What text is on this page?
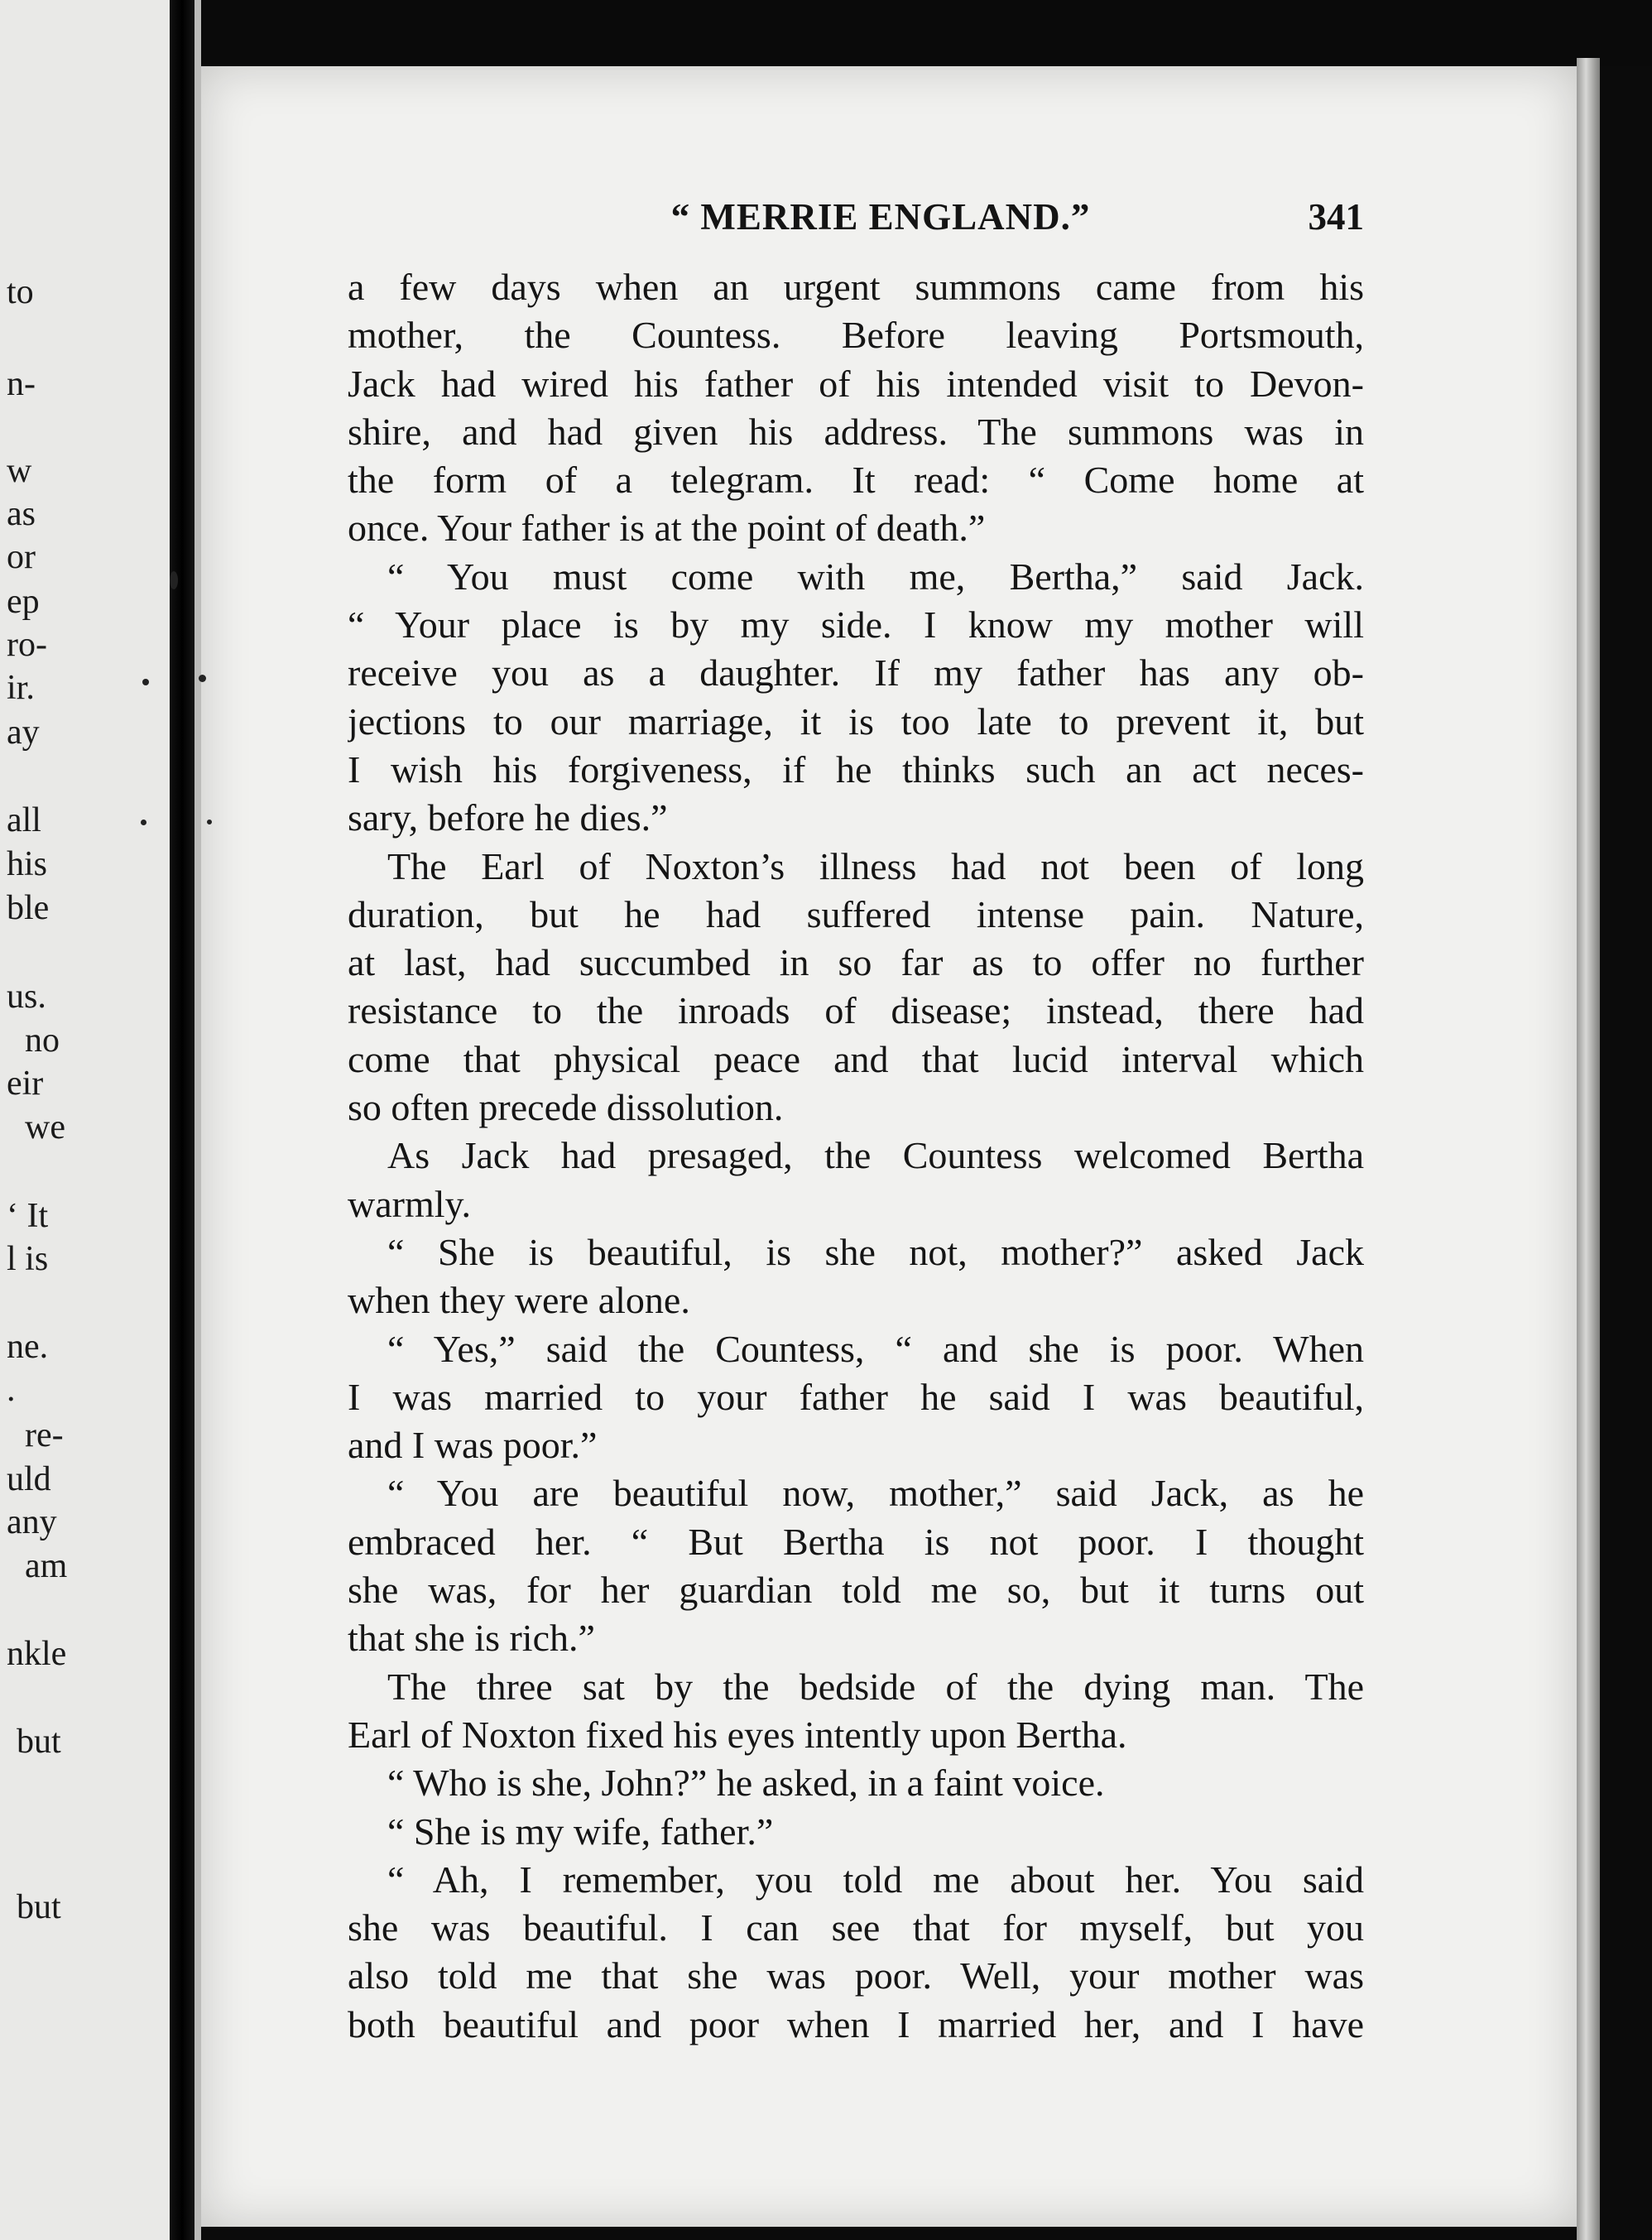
to
n-
w
as
or
ep
ro-
ir.
ay
all
his
ble
us.
no
eir
we
‘ It
l is
ne.
.
re-
uld
any
am
nkle
but
but
“ MERRIE ENGLAND.”	341
a few days when an urgent summons came from his
mother, the Countess. Before leaving Portsmouth,
Jack had wired his father of his intended visit to Devon-
shire, and had given his address. The summons was in
the form of a telegram. It read: “ Come home at
once. Your father is at the point of death.”
“ You must come with me, Bertha,” said Jack.
“ Your place is by my side. I know my mother will
receive you as a daughter. If my father has any ob-
jections to our marriage, it is too late to prevent it, but
I wish his forgiveness, if he thinks such an act neces-
sary, before he dies.”
The Earl of Noxton’s illness had not been of long
duration, but he had suffered intense pain. Nature,
at last, had succumbed in so far as to offer no further
resistance to the inroads of disease; instead, there had
come that physical peace and that lucid interval which
so often precede dissolution.
As Jack had presaged, the Countess welcomed Bertha
warmly.
“ She is beautiful, is she not, mother?” asked Jack
when they were alone.
“ Yes,” said the Countess, “ and she is poor. When
I was married to your father he said I was beautiful,
and I was poor.”
“ You are beautiful now, mother,” said Jack, as he
embraced her. “ But Bertha is not poor. I thought
she was, for her guardian told me so, but it turns out
that she is rich.”
The three sat by the bedside of the dying man. The
Earl of Noxton fixed his eyes intently upon Bertha.
“ Who is she, John?” he asked, in a faint voice.
“ She is my wife, father.”
“ Ah, I remember, you told me about her. You said
she was beautiful. I can see that for myself, but you
also told me that she was poor. Well, your mother was
both beautiful and poor when I married her, and I have
